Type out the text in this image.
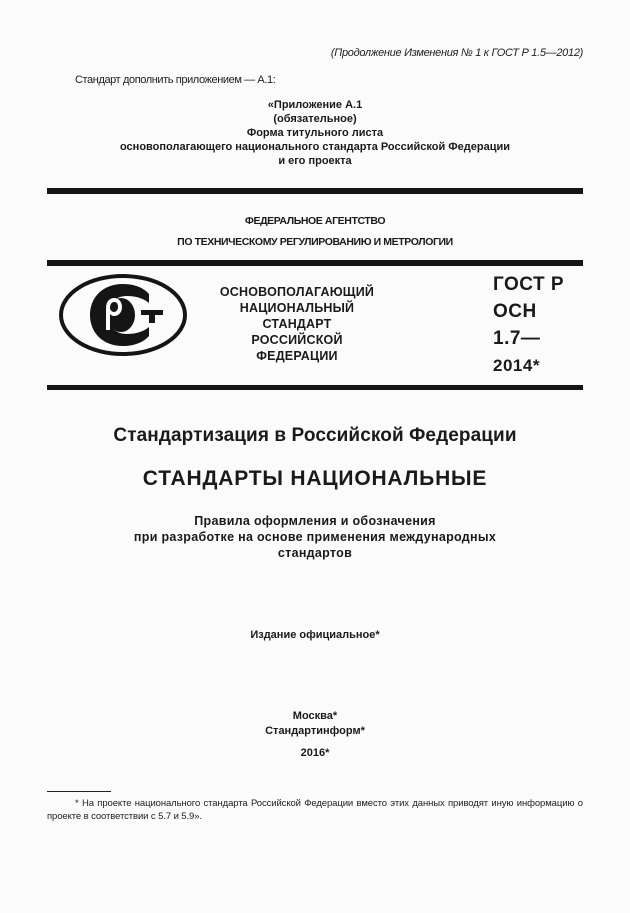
(Продолжение Изменения № 1 к ГОСТ Р 1.5—2012)
Стандарт дополнить приложением — А.1:
«Приложение А.1
(обязательное)
Форма титульного листа
основополагающего национального стандарта Российской Федерации
и его проекта
ФЕДЕРАЛЬНОЕ АГЕНТСТВО
ПО ТЕХНИЧЕСКОМУ РЕГУЛИРОВАНИЮ И МЕТРОЛОГИИ
ОСНОВОПОЛАГАЮЩИЙ
НАЦИОНАЛЬНЫЙ
СТАНДАРТ
РОССИЙСКОЙ
ФЕДЕРАЦИИ
ГОСТ Р
ОСН
1.7—
2014*
Стандартизация в Российской Федерации
СТАНДАРТЫ НАЦИОНАЛЬНЫЕ
Правила оформления и обозначения
при разработке на основе применения международных
стандартов
Издание официальное*
Москва*
Стандартинформ*
2016*
* На проекте национального стандарта Российской Федерации вместо этих данных приводят иную информацию о проекте в соответствии с 5.7 и 5.9».
